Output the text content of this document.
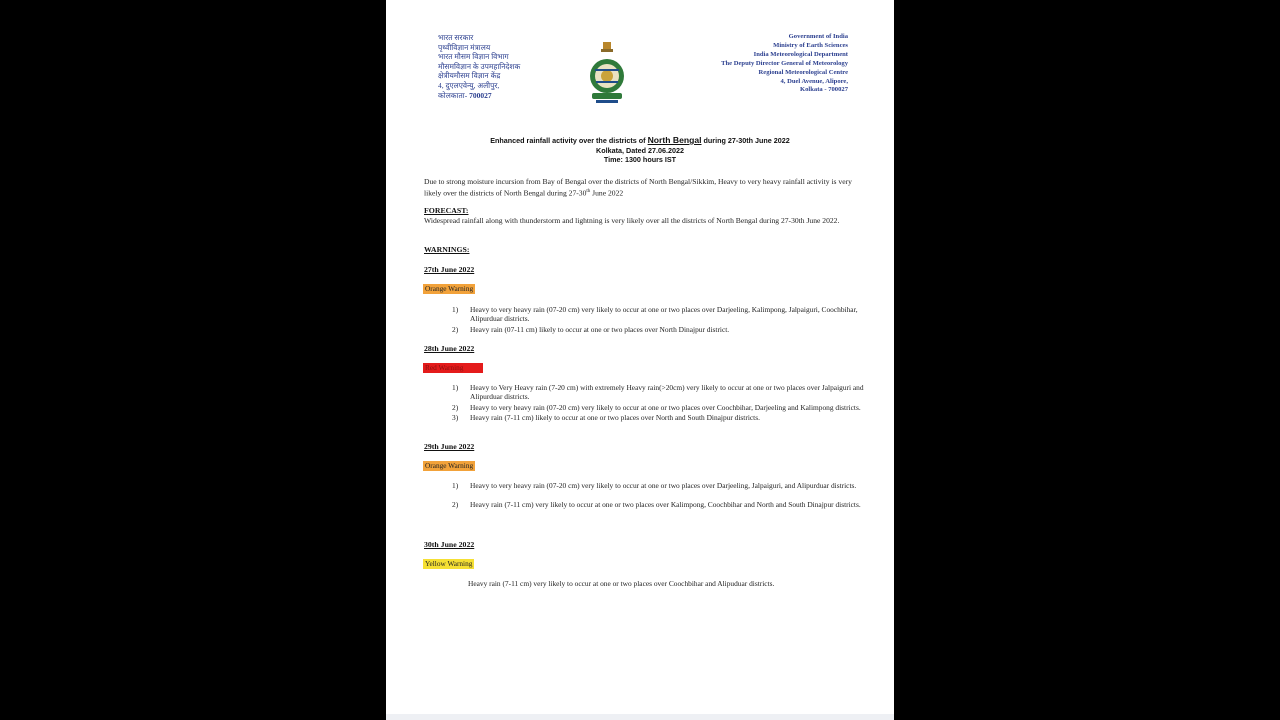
भारत सरकार
पृथ्वीविज्ञान मंत्रालय
भारत मौसम विज्ञान विभाग
मौसमविज्ञान के उपमहानिदेशक
क्षेत्रीयमौसम विज्ञान केंद्र
4, दुएलएवेन्यु, अलीपुर,
कोलकाता- 700027
Government of India
Ministry of Earth Sciences
India Meteorological Department
The Deputy Director General of Meteorology
Regional Meteorological Centre
4, Duel Avenue, Alipore,
Kolkata - 700027
Enhanced rainfall activity over the districts of North Bengal during 27-30th June 2022
Kolkata, Dated 27.06.2022
Time: 1300 hours IST
Due to strong moisture incursion from Bay of Bengal over the districts of North Bengal/Sikkim, Heavy to very heavy rainfall activity is very likely over the districts of North Bengal during 27-30th June 2022
FORECAST:
Widespread rainfall along with thunderstorm and lightning is very likely over all the districts of North Bengal during 27-30th June 2022.
WARNINGS:
27th June 2022
Orange Warning
1) Heavy to very heavy rain (07-20 cm) very likely to occur at one or two places over Darjeeling, Kalimpong, Jalpaiguri, Coochbihar, Alipurduar districts.
2) Heavy rain (07-11 cm) likely to occur at one or two places over North Dinajpur district.
28th June 2022
Red Warning
1) Heavy to Very Heavy rain (7-20 cm) with extremely Heavy rain(>20cm) very likely to occur at one or two places over Jalpaiguri and Alipurduar districts.
2) Heavy to very heavy rain (07-20 cm) very likely to occur at one or two places over Coochbihar, Darjeeling and Kalimpong districts.
3) Heavy rain (7-11 cm) likely to occur at one or two places over North and South Dinajpur districts.
29th June 2022
Orange Warning
1) Heavy to very heavy rain (07-20 cm) very likely to occur at one or two places over Darjeeling, Jalpaiguri, and Alipurduar districts.
2) Heavy rain (7-11 cm) very likely to occur at one or two places over Kalimpong, Coochbihar and North and South Dinajpur districts.
30th June 2022
Yellow Warning
Heavy rain (7-11 cm) very likely to occur at one or two places over Coochbihar and Alipuduar districts.
